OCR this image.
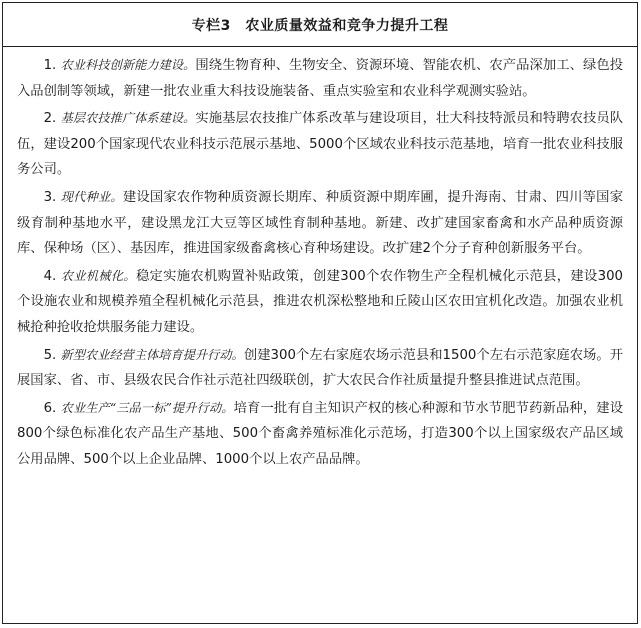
专栏3　农业质量效益和竞争力提升工程

1. 农业科技创新能力建设。围绕生物育种、生物安全、资源环境、智能农机、农产品深加工、绿色投入品创制等领域，新建一批农业重大科技设施装备、重点实验室和农业科学观测实验站。

2. 基层农技推广体系建设。实施基层农技推广体系改革与建设项目，壮大科技特派员和特聘农技员队伍，建设200个国家现代农业科技示范展示基地、5000个区域农业科技示范基地，培育一批农业科技服务公司。

3. 现代种业。建设国家农作物种质资源长期库、种质资源中期库圃，提升海南、甘肃、四川等国家级育制种基地水平，建设黑龙江大豆等区域性育制种基地。新建、改扩建国家畜禽和水产品种质资源库、保种场（区）、基因库，推进国家级畜禽核心育种场建设。改扩建2个分子育种创新服务平台。

4. 农业机械化。稳定实施农机购置补贴政策，创建300个农作物生产全程机械化示范县，建设300个设施农业和规模养殖全程机械化示范县，推进农机深松整地和丘陵山区农田宜机化改造。加强农业机械抢种抢收抢烘服务能力建设。

5. 新型农业经营主体培育提升行动。创建300个左右家庭农场示范县和1500个左右示范家庭农场。开展国家、省、市、县级农民合作社示范社四级联创，扩大农民合作社质量提升整县推进试点范围。

6. 农业生产“三品一标”提升行动。培育一批有自主知识产权的核心种源和节水节肥节药新品种，建设800个绿色标准化农产品生产基地、500个畜禽养殖标准化示范场，打造300个以上国家级农产品区域公用品牌、500个以上企业品牌、1000个以上农产品品牌。
